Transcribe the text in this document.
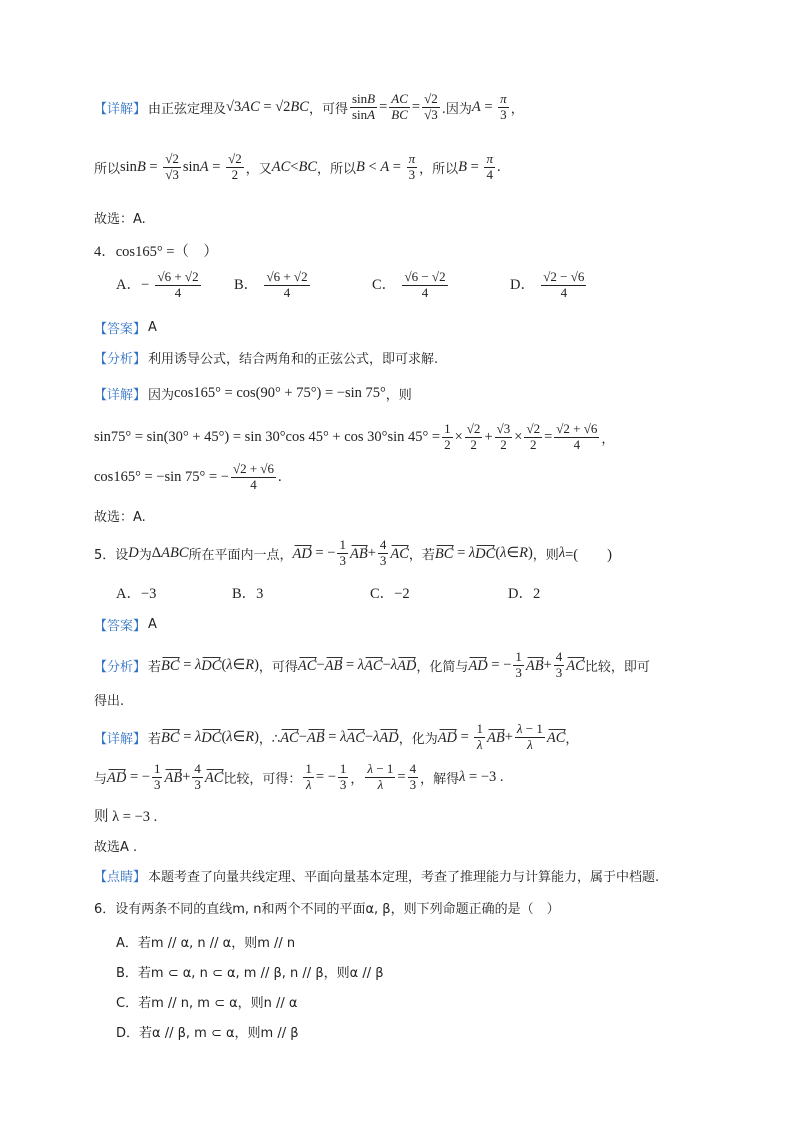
【详解】 由正弦定理及 √3 AC = √2 BC ，可得 $\frac{\sin B}{\sin A} = \frac{AC}{BC} = \frac{√2}{√3}$ .因为 $A = \frac{\pi}{3}$ ，
所以 $\sin B = \frac{√2}{√3}$ $\sin A = \frac{√2}{2}$ ，又 AC < BC ，所以 $B < A = \frac{\pi}{3}$ ，所以 $B = \frac{\pi}{4}$ .
故选：A.
4．cos165° =（　）
A．− $\frac{√6 + √2}{4}$ B． $\frac{√6 + √2}{4}$	C． $\frac{√6 - √2}{4}$	D． $\frac{√2 - √6}{4}$
【答案】 A
【分析】 利用诱导公式，结合两角和的正弦公式，即可求解.
【详解】 因为 cos165° = cos(90° + 75°) = −sin 75° ，则
sin75° = sin(30° + 45°) = sin 30°cos 45° + cos 30°sin $45^\circ = \frac{1}{2} \times \frac{√2}{2} + \frac{√3}{2} \times \frac{√2}{2} = \frac{√2 + √6}{4}$ ，
cos165° = −sin 75° = − $\frac{√2 + √6}{4}$ .
故选：A.
5．设 D 为 Δ ABC 所在平面内一点， AD = − $\frac{1}{3}$ AB + $\frac{4}{3}$ AC ，若 BC = λ DC ( λ ∈ R ) ，则 λ =(　　)
A．−3	B．3	C．−2	D．2
【答案】 A
【分析】 若 BC = λ DC ( λ ∈ R ) ，可得 AC − AB = λ AC − λ AD ，化简与 AD = − $\frac{1}{3}$ AB + $\frac{4}{3}$ AC 比较，即可
得出.
【详解】 若 BC = λ DC ( λ ∈ R ) ，∴ AC − AB = λ AC − λ AD ，化为 AD = $\frac{1}{\lambda}$ AB + $\frac{\lambda - 1}{\lambda}$ AC ，
与 AD = − $\frac{1}{3}$ AB + $\frac{4}{3}$ AC 比较，可得： $\frac{1}{\lambda}$ = − $\frac{1}{3}$ ， $\frac{\lambda - 1}{\lambda} = \frac{4}{3}$ ，解得 λ = −3 .
则 λ = −3 .
故选A .
【点睛】 本题考查了向量共线定理、平面向量基本定理，考查了推理能力与计算能力，属于中档题.
6．设有两条不同的直线m, n和两个不同的平面α, β，则下列命题正确的是（　）
A．若m // α, n // α，则m // n
B．若m ⊂ α, n ⊂ α, m // β, n // β，则α // β
C．若m // n, m ⊂ α，则n // α
D．若α // β, m ⊂ α，则m // β
